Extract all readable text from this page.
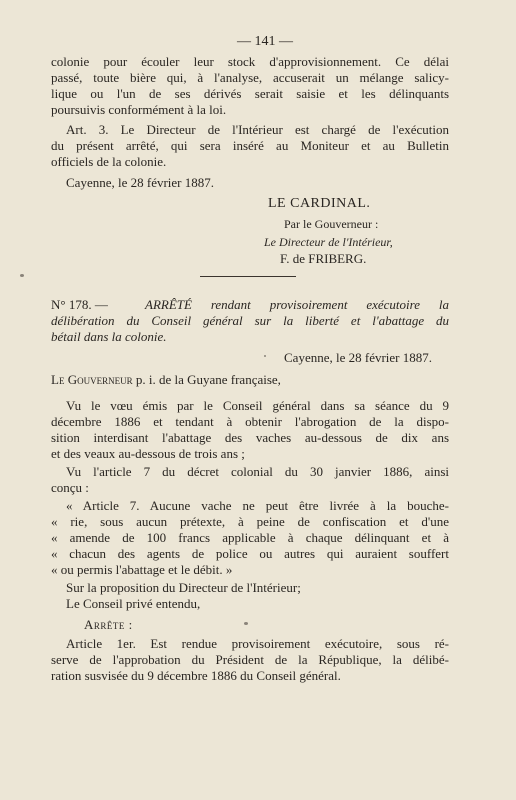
— 141 —
colonie pour écouler leur stock d'approvisionnement. Ce délai
passé, toute bière qui, à l'analyse, accuserait un mélange salicy-
lique ou l'un de ses dérivés serait saisie et les délinquants
poursuivis conformément à la loi.
Art. 3. Le Directeur de l'Intérieur est chargé de l'exécution
du présent arrêté, qui sera inséré au Moniteur et au Bulletin
officiels de la colonie.
Cayenne, le 28 février 1887.
LE CARDINAL.
Par le Gouverneur :
Le Directeur de l'Intérieur,
F. de FRIBERG.
N° 178. —	ARRÊTÉ rendant provisoirement exécutoire la
délibération du Conseil général sur la liberté et l'abattage du
bétail dans la colonie.
Cayenne, le 28 février 1887.
Le Gouverneur p. i. de la Guyane française,
Vu le vœu émis par le Conseil général dans sa séance du 9
décembre 1886 et tendant à obtenir l'abrogation de la dispo-
sition interdisant l'abattage des vaches au-dessous de dix ans
et des veaux au-dessous de trois ans ;
Vu l'article 7 du décret colonial du 30 janvier 1886, ainsi
conçu :
« Article 7. Aucune vache ne peut être livrée à la bouche-
« rie, sous aucun prétexte, à peine de confiscation et d'une
« amende de 100 francs applicable à chaque délinquant et à
« chacun des agents de police ou autres qui auraient souffert
« ou permis l'abattage et le débit. »
Sur la proposition du Directeur de l'Intérieur;
Le Conseil privé entendu,
Arrête :
Article 1er. Est rendue provisoirement exécutoire, sous ré-
serve de l'approbation du Président de la République, la délibé-
ration susvisée du 9 décembre 1886 du Conseil général.
